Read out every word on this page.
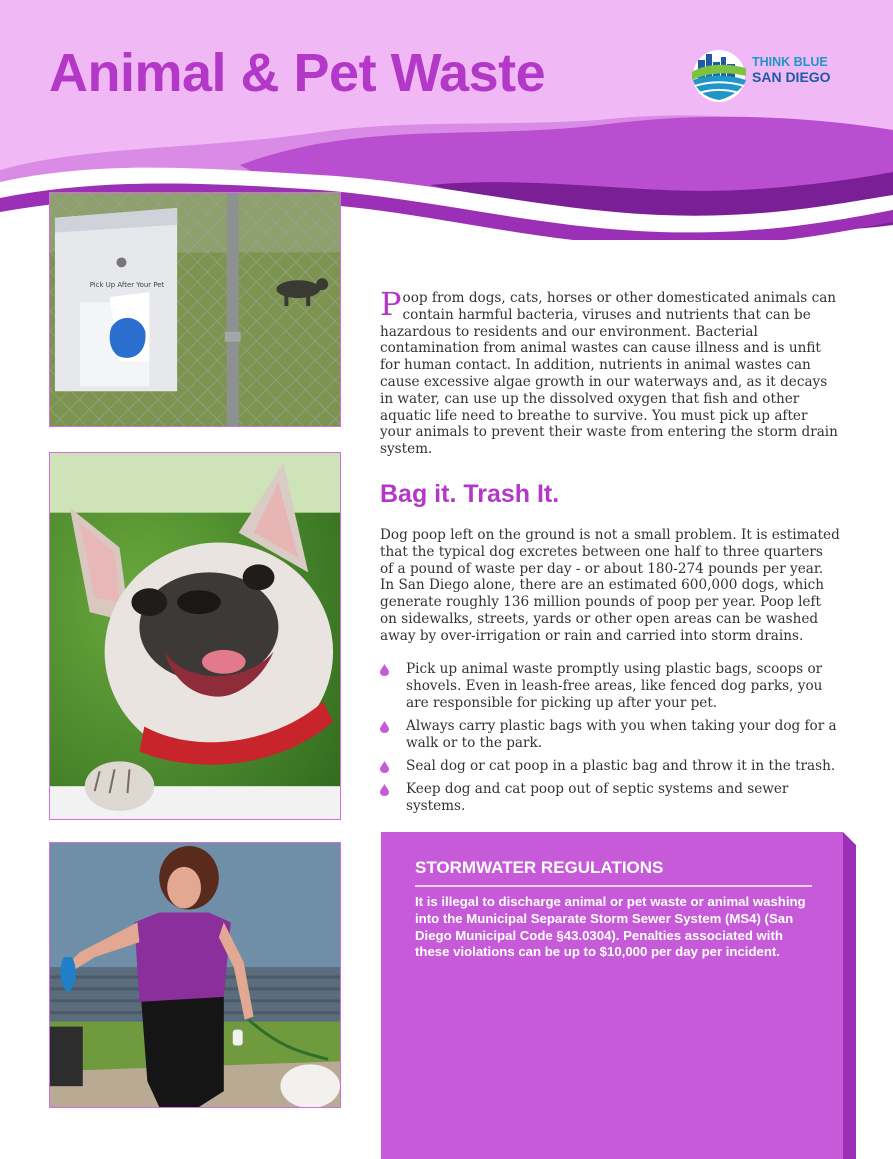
Animal & Pet Waste	THINK BLUE
SAN DIEGO
Pick Up After Your Pet	Poop from dogs, cats, horses or other domesticated animals can contain harmful bacteria, viruses and nutrients that can be hazardous to residents and our environment. Bacterial contamination from animal wastes can cause illness and is unfit for human contact. In addition, nutrients in animal wastes can cause excessive algae growth in our waterways and, as it decays in water, can use up the dissolved oxygen that fish and other aquatic life need to breathe to survive. You must pick up after your animals to prevent their waste from entering the storm drain system.

Bag it. Trash It.

Dog poop left on the ground is not a small problem. It is estimated that the typical dog excretes between one half to three quarters of a pound of waste per day - or about 180-274 pounds per year. In San Diego alone, there are an estimated 600,000 dogs, which generate roughly 136 million pounds of poop per year. Poop left on sidewalks, streets, yards or other open areas can be washed away by over-irrigation or rain and carried into storm drains.

Pick up animal waste promptly using plastic bags, scoops or shovels. Even in leash-free areas, like fenced dog parks, you are responsible for picking up after your pet.
Always carry plastic bags with you when taking your dog for a walk or to the park.
Seal dog or cat poop in a plastic bag and throw it in the trash.
Keep dog and cat poop out of septic systems and sewer systems.
STORMWATER REGULATIONS

It is illegal to discharge animal or pet waste or animal washing into the Municipal Separate Storm Sewer System (MS4) (San Diego Municipal Code §43.0304). Penalties associated with these violations can be up to $10,000 per day per incident.
